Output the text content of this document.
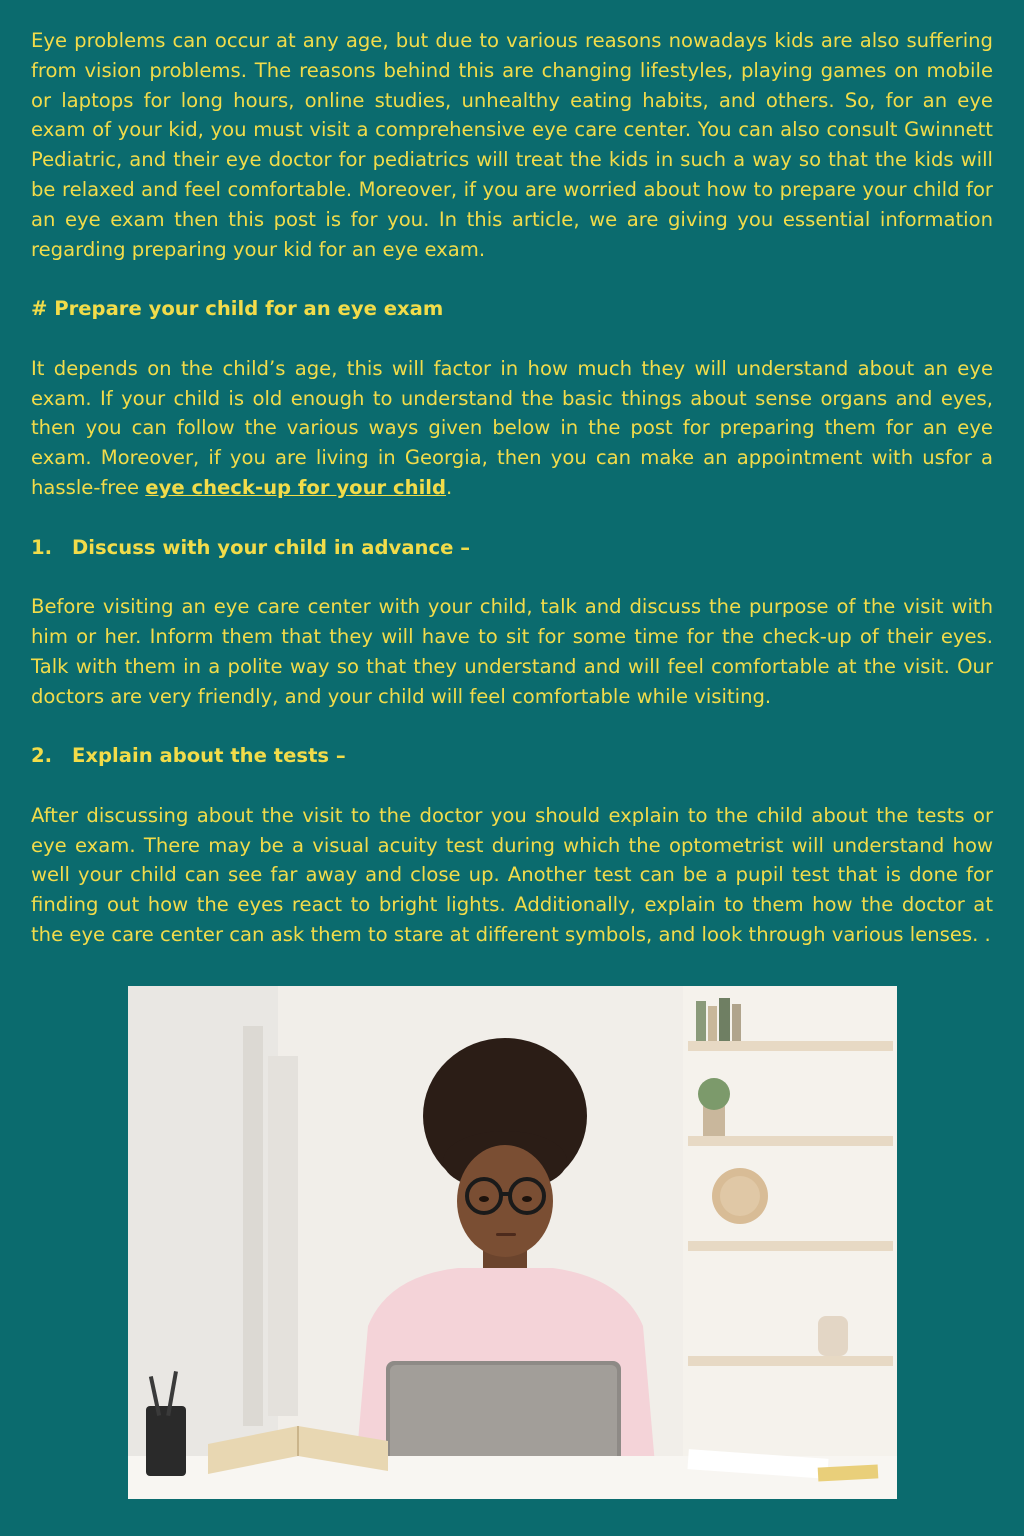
Eye problems can occur at any age, but due to various reasons nowadays kids are also suffering from vision problems. The reasons behind this are changing lifestyles, playing games on mobile or laptops for long hours, online studies, unhealthy eating habits, and others. So, for an eye exam of your kid, you must visit a comprehensive eye care center. You can also consult Gwinnett Pediatric, and their eye doctor for pediatrics will treat the kids in such a way so that the kids will be relaxed and feel comfortable. Moreover, if you are worried about how to prepare your child for an eye exam then this post is for you. In this article, we are giving you essential information regarding preparing your kid for an eye exam.

# Prepare your child for an eye exam

It depends on the child’s age, this will factor in how much they will understand about an eye exam. If your child is old enough to understand the basic things about sense organs and eyes, then you can follow the various ways given below in the post for preparing them for an eye exam. Moreover, if you are living in Georgia, then you can make an appointment with usfor a hassle-free eye check-up for your child.

1. Discuss with your child in advance –

Before visiting an eye care center with your child, talk and discuss the purpose of the visit with him or her. Inform them that they will have to sit for some time for the check-up of their eyes. Talk with them in a polite way so that they understand and will feel comfortable at the visit. Our doctors are very friendly, and your child will feel comfortable while visiting.

2. Explain about the tests –

After discussing about the visit to the doctor you should explain to the child about the tests or eye exam. There may be a visual acuity test during which the optometrist will understand how well your child can see far away and close up. Another test can be a pupil test that is done for finding out how the eyes react to bright lights. Additionally, explain to them how the doctor at the eye care center can ask them to stare at different symbols, and look through various lenses. .
